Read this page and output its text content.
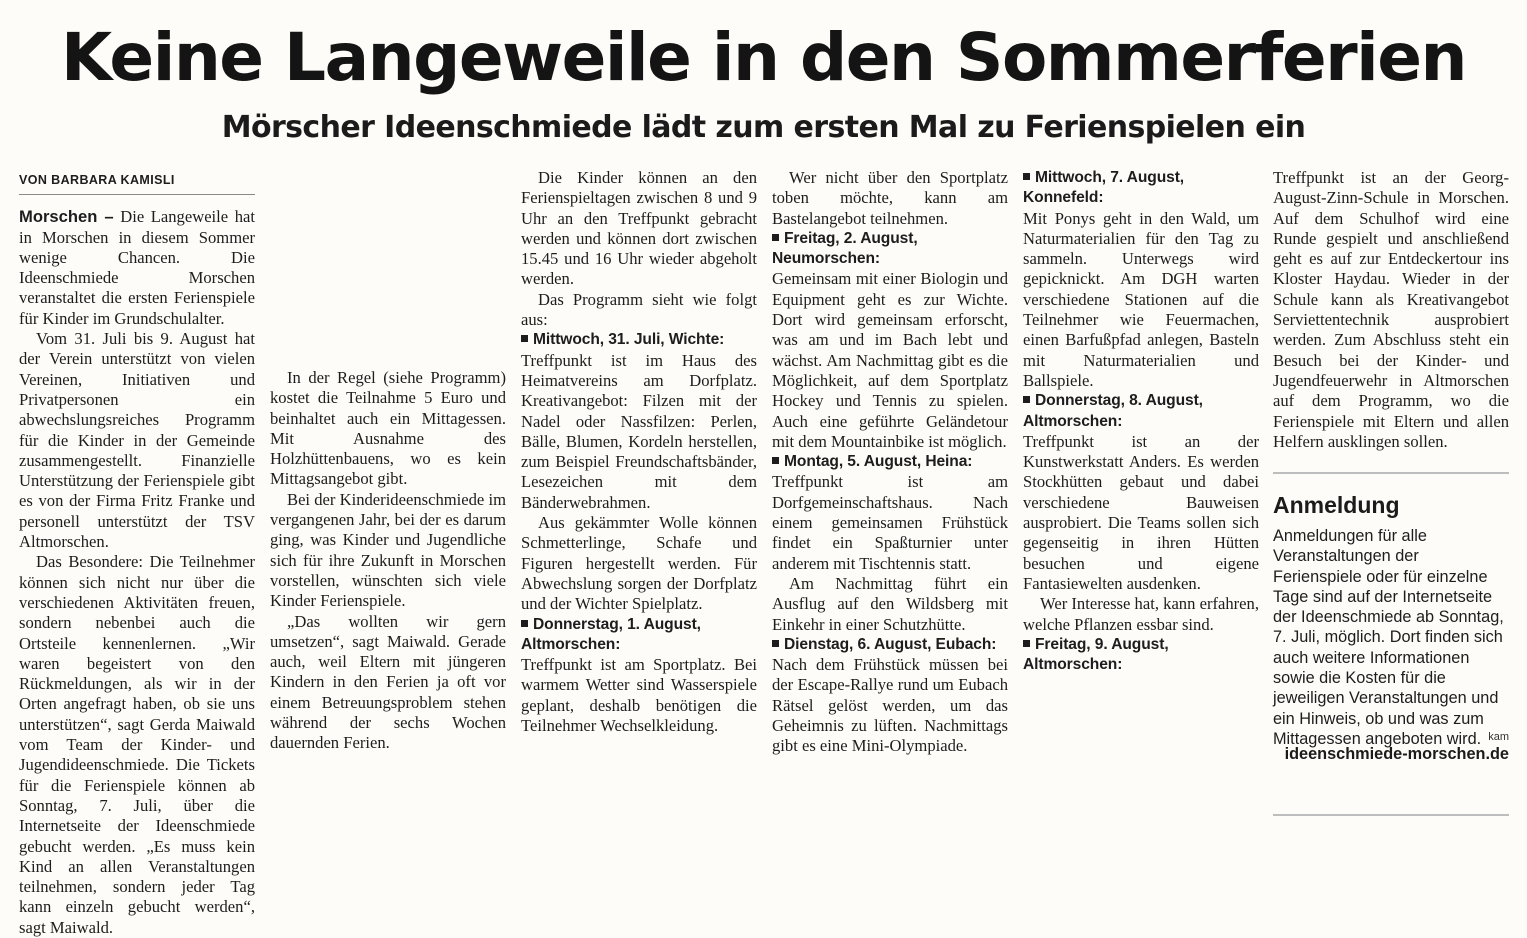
Keine Langeweile in den Sommerferien
Mörscher Ideenschmiede lädt zum ersten Mal zu Ferienspielen ein

VON BARBARA KAMISLI

Morschen – Die Langeweile hat in Morschen in diesem Sommer wenige Chancen. Die Ideenschmiede Morschen veranstaltet die ersten Ferienspiele für Kinder im Grundschulalter.

Vom 31. Juli bis 9. August hat der Verein unterstützt von vielen Vereinen, Initiativen und Privatpersonen ein abwechslungsreiches Programm für die Kinder in der Gemeinde zusammengestellt. Finanzielle Unterstützung der Ferienspiele gibt es von der Firma Fritz Franke und personell unterstützt der TSV Altmorschen.

Das Besondere: Die Teilnehmer können sich nicht nur über die verschiedenen Aktivitäten freuen, sondern nebenbei auch die Ortsteile kennenlernen. „Wir waren begeistert von den Rückmeldungen, als wir in der Orten angefragt haben, ob sie uns unterstützen“, sagt Gerda Maiwald vom Team der Kinder- und Jugendideenschmiede. Die Tickets für die Ferienspiele können ab Sonntag, 7. Juli, über die Internetseite der Ideenschmiede gebucht werden. „Es muss kein Kind an allen Veranstaltungen teilnehmen, sondern jeder Tag kann einzeln gebucht werden“, sagt Maiwald.

In der Regel (siehe Programm) kostet die Teilnahme 5 Euro und beinhaltet auch ein Mittagessen. Mit Ausnahme des Holzhüttenbauens, wo es kein Mittagsangebot gibt.

Bei der Kinderideenschmiede im vergangenen Jahr, bei der es darum ging, was Kinder und Jugendliche sich für ihre Zukunft in Morschen vorstellen, wünschten sich viele Kinder Ferienspiele.

„Das wollten wir gern umsetzen“, sagt Maiwald. Gerade auch, weil Eltern mit jüngeren Kindern in den Ferien ja oft vor einem Betreuungsproblem stehen während der sechs Wochen dauernden Ferien.

Die Kinder können an den Ferienspieltagen zwischen 8 und 9 Uhr an den Treffpunkt gebracht werden und können dort zwischen 15.45 und 16 Uhr wieder abgeholt werden.

Das Programm sieht wie folgt aus:

Mittwoch, 31. Juli, Wichte:

Treffpunkt ist im Haus des Heimatvereins am Dorfplatz. Kreativangebot: Filzen mit der Nadel oder Nassfilzen: Perlen, Bälle, Blumen, Kordeln herstellen, zum Beispiel Freundschaftsbänder, Lesezeichen mit dem Bänderwebrahmen.

Aus gekämmter Wolle können Schmetterlinge, Schafe und Figuren hergestellt werden. Für Abwechslung sorgen der Dorfplatz und der Wichter Spielplatz.

Donnerstag, 1. August, Altmorschen:

Treffpunkt ist am Sportplatz. Bei warmem Wetter sind Wasserspiele geplant, deshalb benötigen die Teilnehmer Wechselkleidung.

Wer nicht über den Sportplatz toben möchte, kann am Bastelangebot teilnehmen.

Freitag, 2. August, Neumorschen:

Gemeinsam mit einer Biologin und Equipment geht es zur Wichte. Dort wird gemeinsam erforscht, was am und im Bach lebt und wächst. Am Nachmittag gibt es die Möglichkeit, auf dem Sportplatz Hockey und Tennis zu spielen. Auch eine geführte Geländetour mit dem Mountainbike ist möglich.

Montag, 5. August, Heina:

Treffpunkt ist am Dorfgemeinschaftshaus. Nach einem gemeinsamen Frühstück findet ein Spaßturnier unter anderem mit Tischtennis statt.

Am Nachmittag führt ein Ausflug auf den Wildsberg mit Einkehr in einer Schutzhütte.

Dienstag, 6. August, Eubach:

Nach dem Frühstück müssen bei der Escape-Rallye rund um Eubach Rätsel gelöst werden, um das Geheimnis zu lüften. Nachmittags gibt es eine Mini-Olympiade.

Mittwoch, 7. August, Konnefeld:

Mit Ponys geht in den Wald, um Naturmaterialien für den Tag zu sammeln. Unterwegs wird gepicknickt. Am DGH warten verschiedene Stationen auf die Teilnehmer wie Feuermachen, einen Barfußpfad anlegen, Basteln mit Naturmaterialien und Ballspiele.

Donnerstag, 8. August, Altmorschen:

Treffpunkt ist an der Kunstwerkstatt Anders. Es werden Stockhütten gebaut und dabei verschiedene Bauweisen ausprobiert. Die Teams sollen sich gegenseitig in ihren Hütten besuchen und eigene Fantasiewelten ausdenken.

Wer Interesse hat, kann erfahren, welche Pflanzen essbar sind.

Freitag, 9. August, Altmorschen:

Treffpunkt ist an der Georg-August-Zinn-Schule in Morschen. Auf dem Schulhof wird eine Runde gespielt und anschließend geht es auf zur Entdeckertour ins Kloster Haydau. Wieder in der Schule kann als Kreativangebot Serviettentechnik ausprobiert werden. Zum Abschluss steht ein Besuch bei der Kinder- und Jugendfeuerwehr in Altmorschen auf dem Programm, wo die Ferienspiele mit Eltern und allen Helfern ausklingen sollen.

Anmeldung

Anmeldungen für alle Veranstaltungen der Ferienspiele oder für einzelne Tage sind auf der Internetseite der Ideenschmiede ab Sonntag, 7. Juli, möglich. Dort finden sich auch weitere Informationen sowie die Kosten für die jeweiligen Veranstaltungen und ein Hinweis, ob und was zum Mittagessen angeboten wird. kam
ideenschmiede-morschen.de
